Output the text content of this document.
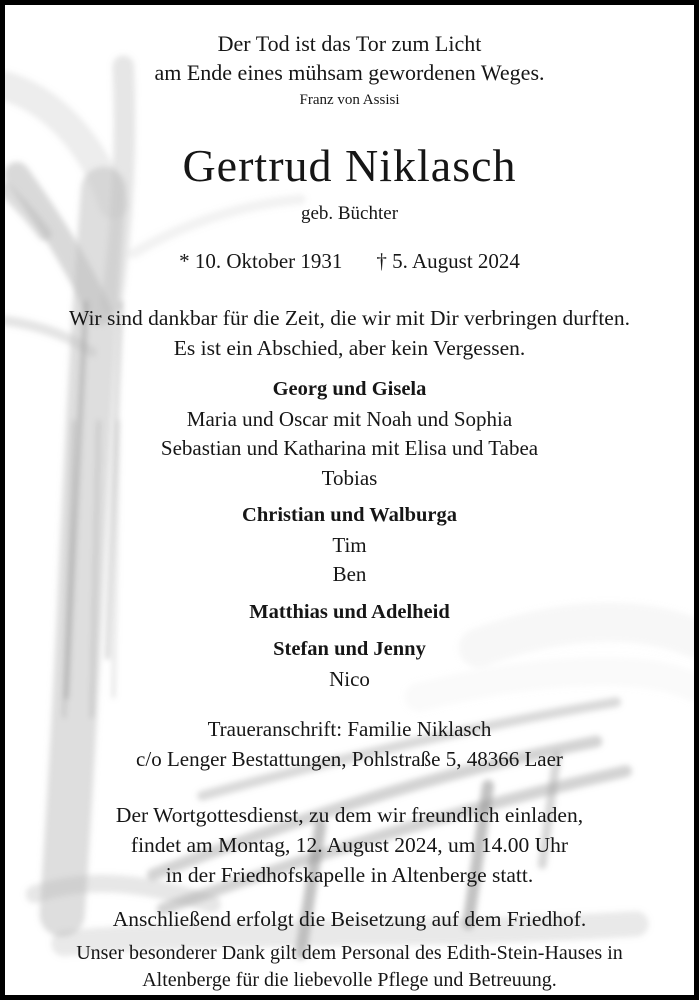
Der Tod ist das Tor zum Licht
am Ende eines mühsam gewordenen Weges.
Franz von Assisi
Gertrud Niklasch
geb. Büchter
* 10. Oktober 1931 † 5. August 2024
Wir sind dankbar für die Zeit, die wir mit Dir verbringen durften.
Es ist ein Abschied, aber kein Vergessen.
Georg und Gisela
Maria und Oscar mit Noah und Sophia
Sebastian und Katharina mit Elisa und Tabea
Tobias
Christian und Walburga
Tim
Ben
Matthias und Adelheid
Stefan und Jenny
Nico
Traueranschrift: Familie Niklasch
c/o Lenger Bestattungen, Pohlstraße 5, 48366 Laer
Der Wortgottesdienst, zu dem wir freundlich einladen,
findet am Montag, 12. August 2024, um 14.00 Uhr
in der Friedhofskapelle in Altenberge statt.
Anschließend erfolgt die Beisetzung auf dem Friedhof.
Unser besonderer Dank gilt dem Personal des Edith-Stein-Hauses in
Altenberge für die liebevolle Pflege und Betreuung.
